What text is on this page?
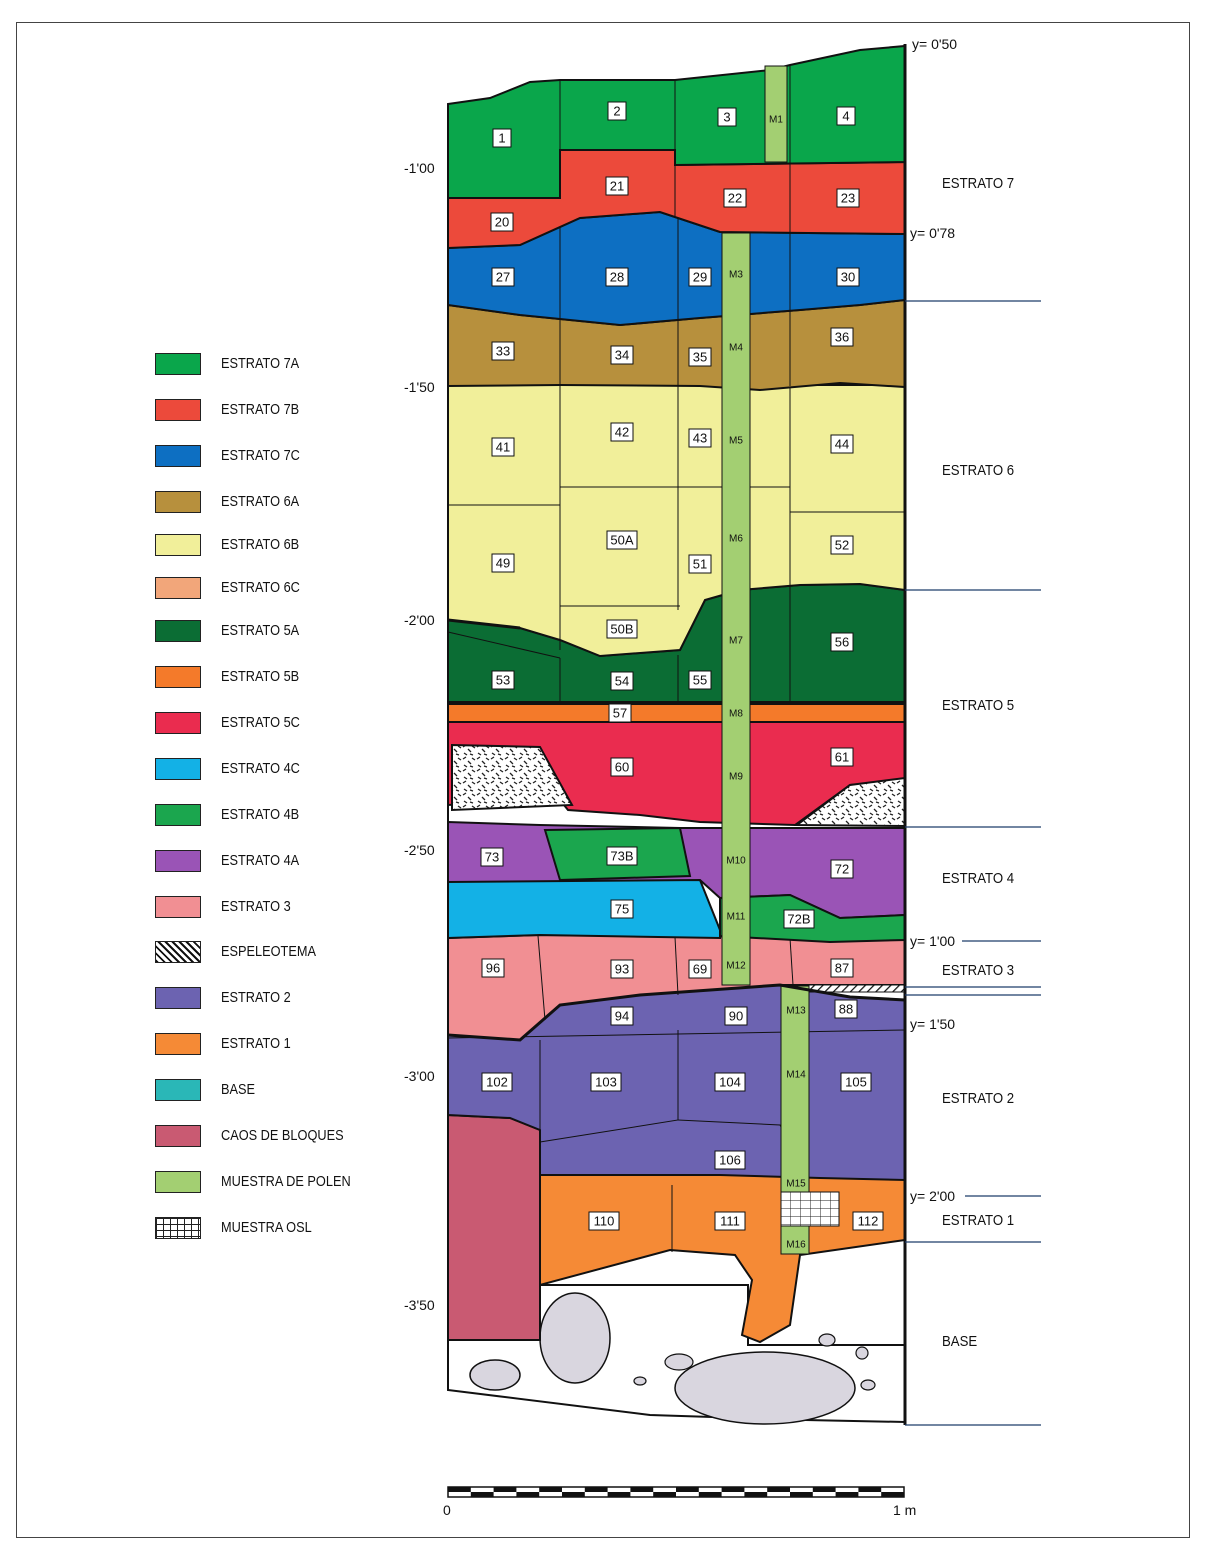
1
2	3	M1	4
20
21
22	23
27	28	29 M3	30
33	34	35
M4
36
41
42	43 M5	44
49
50A
51
M6	52
50B
M7	56
53	54	55
57	M8
60
M9
61
73	73B	M10
72
75
M11	72B
96	93	69 M12	87
94	90	M13	88
102	103	104	M14	105
106
M15
110	111
M16
112
ESTRATO 7A
ESTRATO 7B
ESTRATO 7C
ESTRATO 6A
ESTRATO 6B
ESTRATO 6C
ESTRATO 5A
ESTRATO 5B
ESTRATO 5C
ESTRATO 4C
ESTRATO 4B
ESTRATO 4A
ESTRATO 3
ESPELEOTEMA
ESTRATO 2
ESTRATO 1
BASE
CAOS DE BLOQUES
MUESTRA DE POLEN
MUESTRA OSL
ESTRATO 7
ESTRATO 6
ESTRATO 5
ESTRATO 4
ESTRATO 3
ESTRATO 2
ESTRATO 1
BASE
-1'00
-1'50
-2'00
-2'50
-3'00
-3'50
y= 0'50
y= 0'78
y= 1'00
y= 1'50
y= 2'00
0	1 m
